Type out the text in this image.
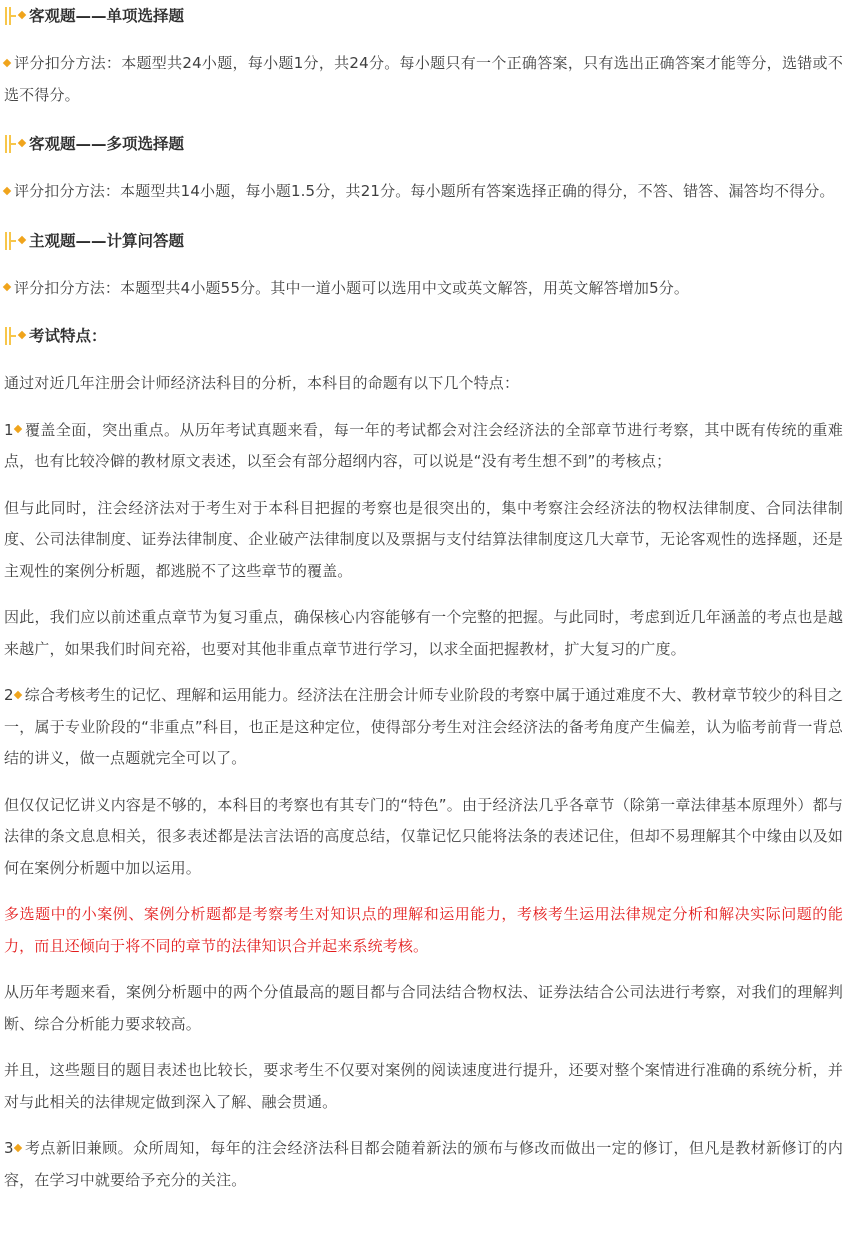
客观题——单项选择题

评分扣分方法：本题型共24小题，每小题1分，共24分。每小题只有一个正确答案，只有选出正确答案才能等分，选错或不选不得分。

客观题——多项选择题

评分扣分方法：本题型共14小题，每小题1.5分，共21分。每小题所有答案选择正确的得分，不答、错答、漏答均不得分。

主观题——计算问答题

评分扣分方法：本题型共4小题55分。其中一道小题可以选用中文或英文解答，用英文解答增加5分。

考试特点：

通过对近几年注册会计师经济法科目的分析，本科目的命题有以下几个特点：

1 覆盖全面，突出重点。从历年考试真题来看，每一年的考试都会对注会经济法的全部章节进行考察，其中既有传统的重难点，也有比较冷僻的教材原文表述，以至会有部分超纲内容，可以说是“没有考生想不到”的考核点；

但与此同时，注会经济法对于考生对于本科目把握的考察也是很突出的，集中考察注会经济法的物权法律制度、合同法律制度、公司法律制度、证券法律制度、企业破产法律制度以及票据与支付结算法律制度这几大章节，无论客观性的选择题，还是主观性的案例分析题，都逃脱不了这些章节的覆盖。

因此，我们应以前述重点章节为复习重点，确保核心内容能够有一个完整的把握。与此同时，考虑到近几年涵盖的考点也是越来越广，如果我们时间充裕，也要对其他非重点章节进行学习，以求全面把握教材，扩大复习的广度。

2 综合考核考生的记忆、理解和运用能力。经济法在注册会计师专业阶段的考察中属于通过难度不大、教材章节较少的科目之一，属于专业阶段的“非重点”科目，也正是这种定位，使得部分考生对注会经济法的备考角度产生偏差，认为临考前背一背总结的讲义，做一点题就完全可以了。

但仅仅记忆讲义内容是不够的，本科目的考察也有其专门的“特色”。由于经济法几乎各章节（除第一章法律基本原理外）都与法律的条文息息相关，很多表述都是法言法语的高度总结，仅靠记忆只能将法条的表述记住，但却不易理解其个中缘由以及如何在案例分析题中加以运用。

多选题中的小案例、案例分析题都是考察考生对知识点的理解和运用能力，考核考生运用法律规定分析和解决实际问题的能力，而且还倾向于将不同的章节的法律知识合并起来系统考核。

从历年考题来看，案例分析题中的两个分值最高的题目都与合同法结合物权法、证券法结合公司法进行考察，对我们的理解判断、综合分析能力要求较高。

并且，这些题目的题目表述也比较长，要求考生不仅要对案例的阅读速度进行提升，还要对整个案情进行准确的系统分析，并对与此相关的法律规定做到深入了解、融会贯通。

3 考点新旧兼顾。众所周知，每年的注会经济法科目都会随着新法的颁布与修改而做出一定的修订，但凡是教材新修订的内容，在学习中就要给予充分的关注。
